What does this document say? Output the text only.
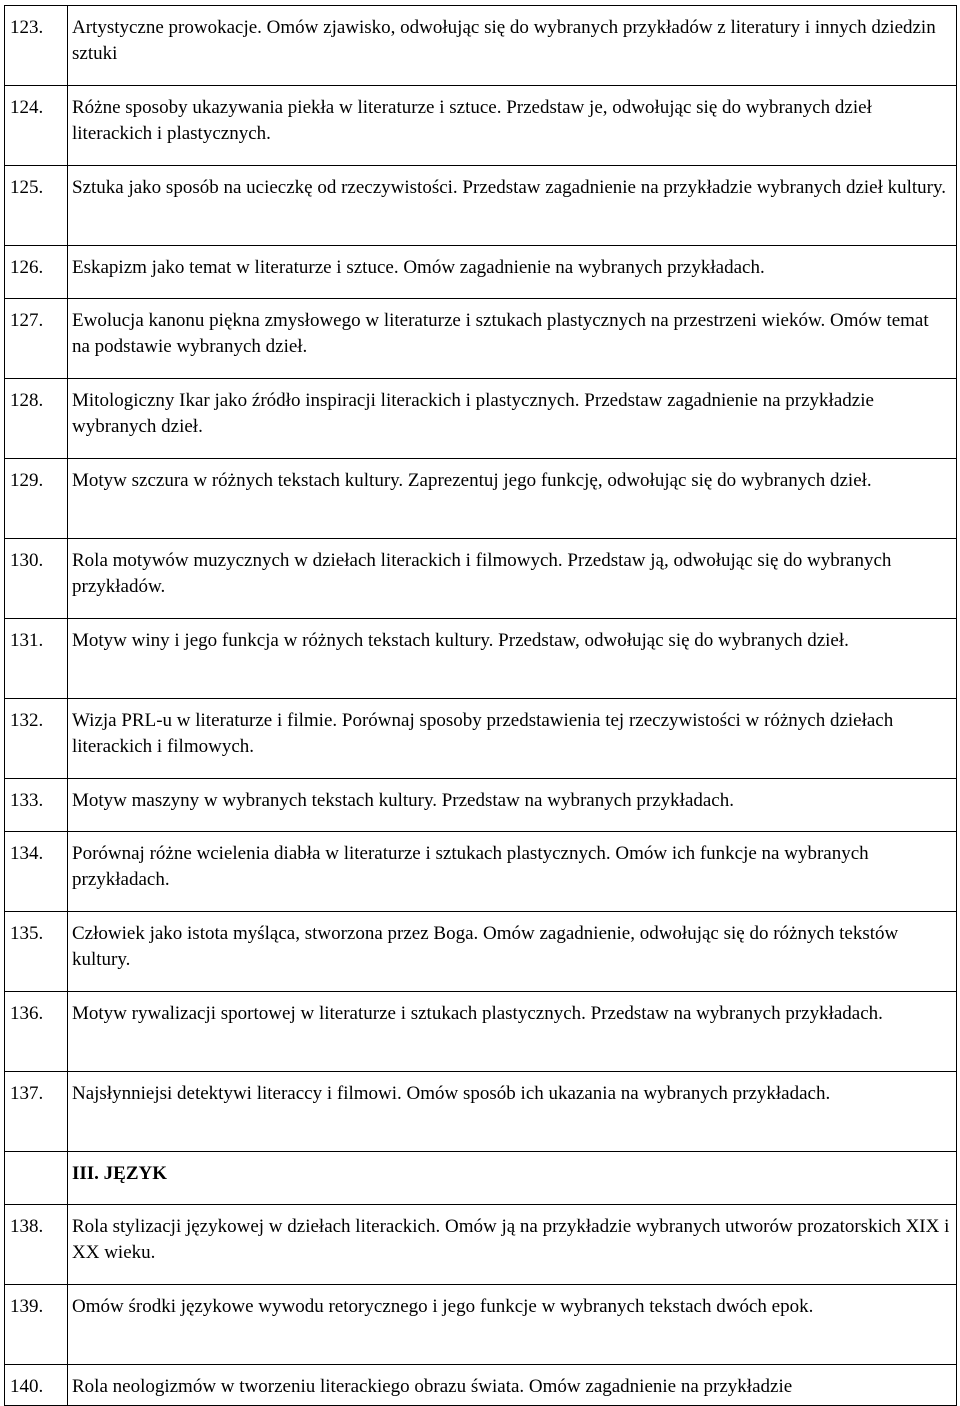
123.	Artystyczne prowokacje. Omów zjawisko, odwołując się do wybranych przykładów z literatury i innych dziedzin sztuki

124.	Różne sposoby ukazywania piekła w literaturze i sztuce. Przedstaw je, odwołując się do wybranych dzieł literackich i plastycznych.

125.	Sztuka jako sposób na ucieczkę od rzeczywistości. Przedstaw zagadnienie na przykładzie wybranych dzieł kultury.

126.	Eskapizm jako temat w literaturze i sztuce. Omów zagadnienie na wybranych przykładach.

127.	Ewolucja kanonu piękna zmysłowego w literaturze i sztukach plastycznych na przestrzeni wieków. Omów temat na podstawie wybranych dzieł.

128.	Mitologiczny Ikar jako źródło inspiracji literackich i plastycznych. Przedstaw zagadnienie na przykładzie wybranych dzieł.

129.	Motyw szczura w różnych tekstach kultury. Zaprezentuj jego funkcję, odwołując się do wybranych dzieł.

130.	Rola motywów muzycznych w dziełach literackich i filmowych. Przedstaw ją, odwołując się do wybranych przykładów.

131.	Motyw winy i jego funkcja w różnych tekstach kultury. Przedstaw, odwołując się do wybranych dzieł.

132.	Wizja PRL-u w literaturze i filmie. Porównaj sposoby przedstawienia tej rzeczywistości w różnych dziełach literackich i filmowych.

133.	Motyw maszyny w wybranych tekstach kultury. Przedstaw na wybranych przykładach.

134.	Porównaj różne wcielenia diabła w literaturze i sztukach plastycznych. Omów ich funkcje na wybranych przykładach.

135.	Człowiek jako istota myśląca, stworzona przez Boga. Omów zagadnienie, odwołując się do różnych tekstów kultury.

136.	Motyw rywalizacji sportowej w literaturze i sztukach plastycznych. Przedstaw na wybranych przykładach.

137.	Najsłynniejsi detektywi literaccy i filmowi. Omów sposób ich ukazania na wybranych przykładach.

	III. JĘZYK

138.	Rola stylizacji językowej w dziełach literackich. Omów ją na przykładzie wybranych utworów prozatorskich XIX i XX wieku.

139.	Omów środki językowe wywodu retorycznego i jego funkcje w wybranych tekstach dwóch epok.

140.	Rola neologizmów w tworzeniu literackiego obrazu świata. Omów zagadnienie na przykładzie
